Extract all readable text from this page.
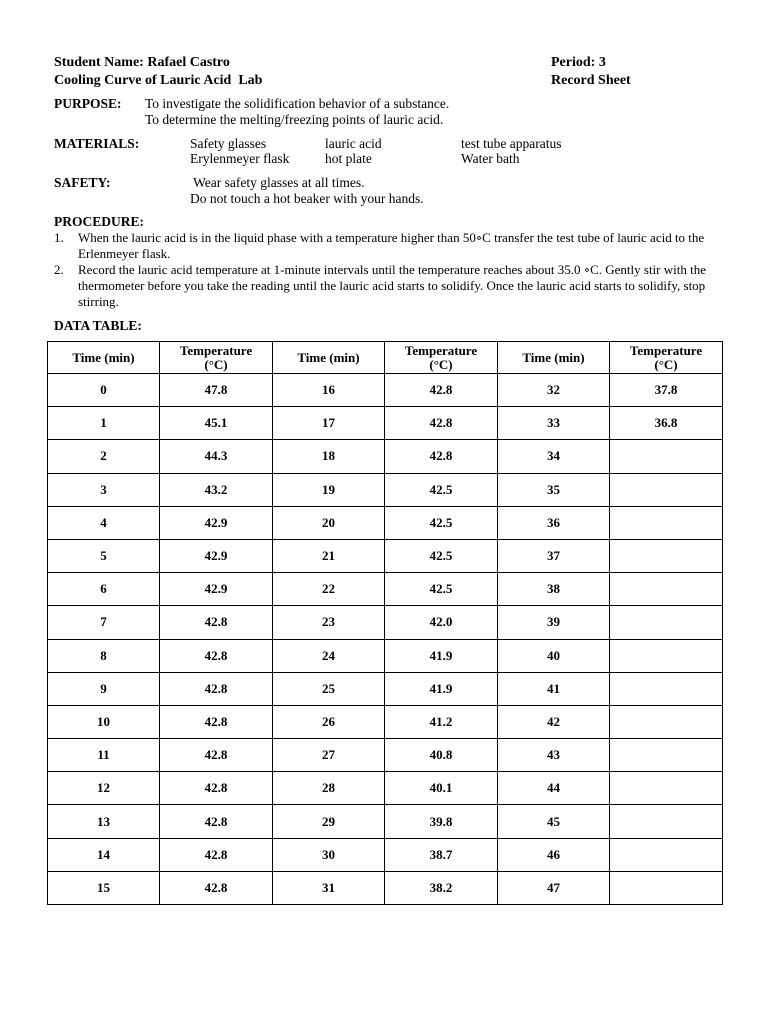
Student Name: Rafael Castro	Period: 3
Cooling Curve of Lauric Acid  Lab	Record Sheet
PURPOSE: To investigate the solidification behavior of a substance.
To determine the melting/freezing points of lauric acid.
MATERIALS:	Safety glasses	lauric acid	test tube apparatus
Erylenmeyer flask	hot plate	Water bath
SAFETY:	Wear safety glasses at all times.
Do not touch a hot beaker with your hands.
PROCEDURE:
1. When the lauric acid is in the liquid phase with a temperature higher than 50∘C transfer the test tube of lauric acid to the Erlenmeyer flask.
2. Record the lauric acid temperature at 1-minute intervals until the temperature reaches about 35.0 ∘C. Gently stir with the thermometer before you take the reading until the lauric acid starts to solidify. Once the lauric acid starts to solidify, stop stirring.
DATA TABLE:
Time (min)	Temperature (°C)	Time (min)	Temperature (°C)	Time (min)	Temperature (°C)
0	47.8	16	42.8	32	37.8
1	45.1	17	42.8	33	36.8
2	44.3	18	42.8	34	
3	43.2	19	42.5	35	
4	42.9	20	42.5	36	
5	42.9	21	42.5	37	
6	42.9	22	42.5	38	
7	42.8	23	42.0	39	
8	42.8	24	41.9	40	
9	42.8	25	41.9	41	
10	42.8	26	41.2	42	
11	42.8	27	40.8	43	
12	42.8	28	40.1	44	
13	42.8	29	39.8	45	
14	42.8	30	38.7	46	
15	42.8	31	38.2	47	
